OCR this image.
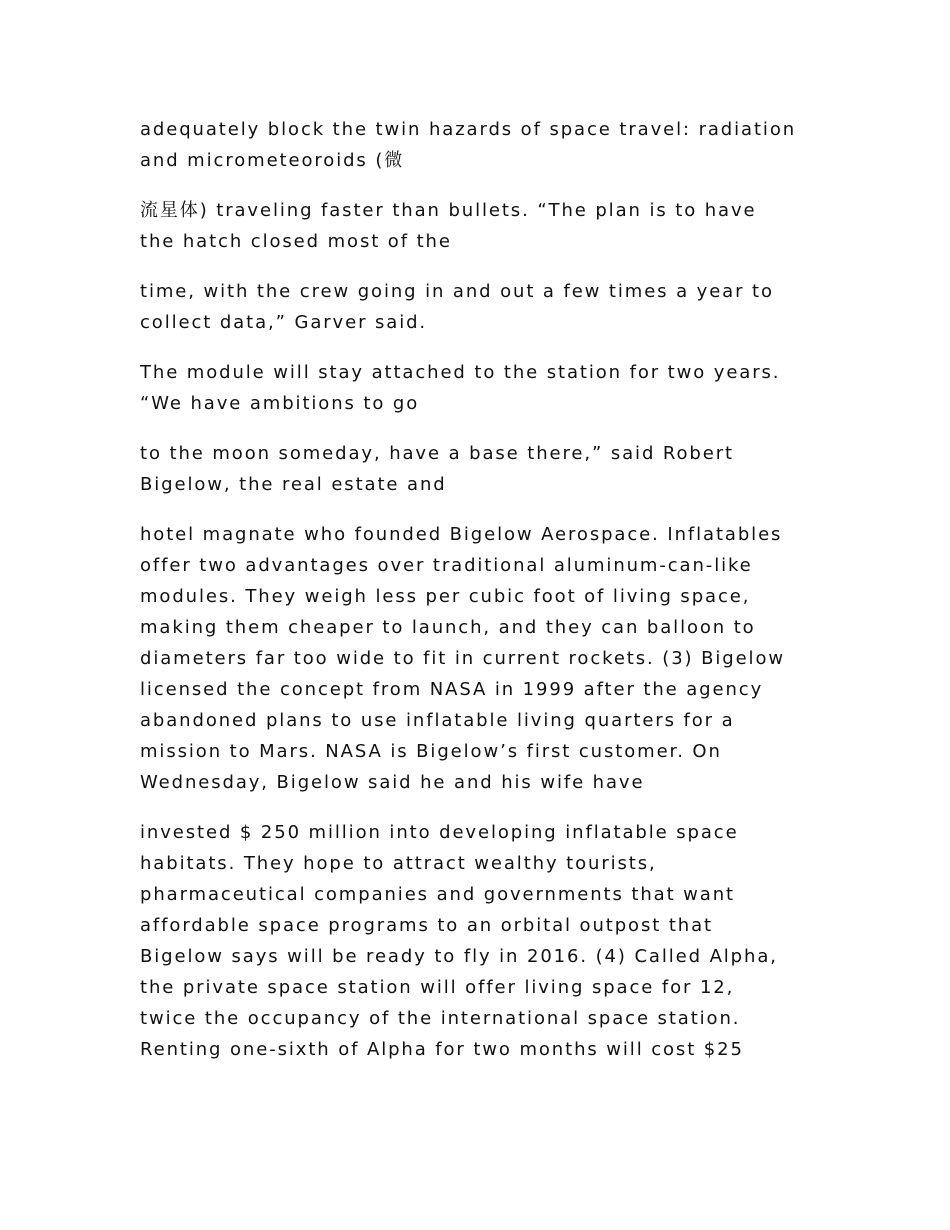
adequately block the twin hazards of space travel: radiation
and micrometeoroids (微
流星体) traveling faster than bullets. “The plan is to have
the hatch closed most of the
time, with the crew going in and out a few times a year to
collect data,” Garver said.
The module will stay attached to the station for two years.
“We have ambitions to go
to the moon someday, have a base there,” said Robert
Bigelow, the real estate and
hotel magnate who founded Bigelow Aerospace. Inflatables
offer two advantages over traditional aluminum-can-like
modules. They weigh less per cubic foot of living space,
making them cheaper to launch, and they can balloon to
diameters far too wide to fit in current rockets. (3) Bigelow
licensed the concept from NASA in 1999 after the agency
abandoned plans to use inflatable living quarters for a
mission to Mars. NASA is Bigelow’s first customer. On
Wednesday, Bigelow said he and his wife have
invested $ 250 million into developing inflatable space
habitats. They hope to attract wealthy tourists,
pharmaceutical companies and governments that want
affordable space programs to an orbital outpost that
Bigelow says will be ready to fly in 2016. (4) Called Alpha,
the private space station will offer living space for 12,
twice the occupancy of the international space station.
Renting one-sixth of Alpha for two months will cost $25
